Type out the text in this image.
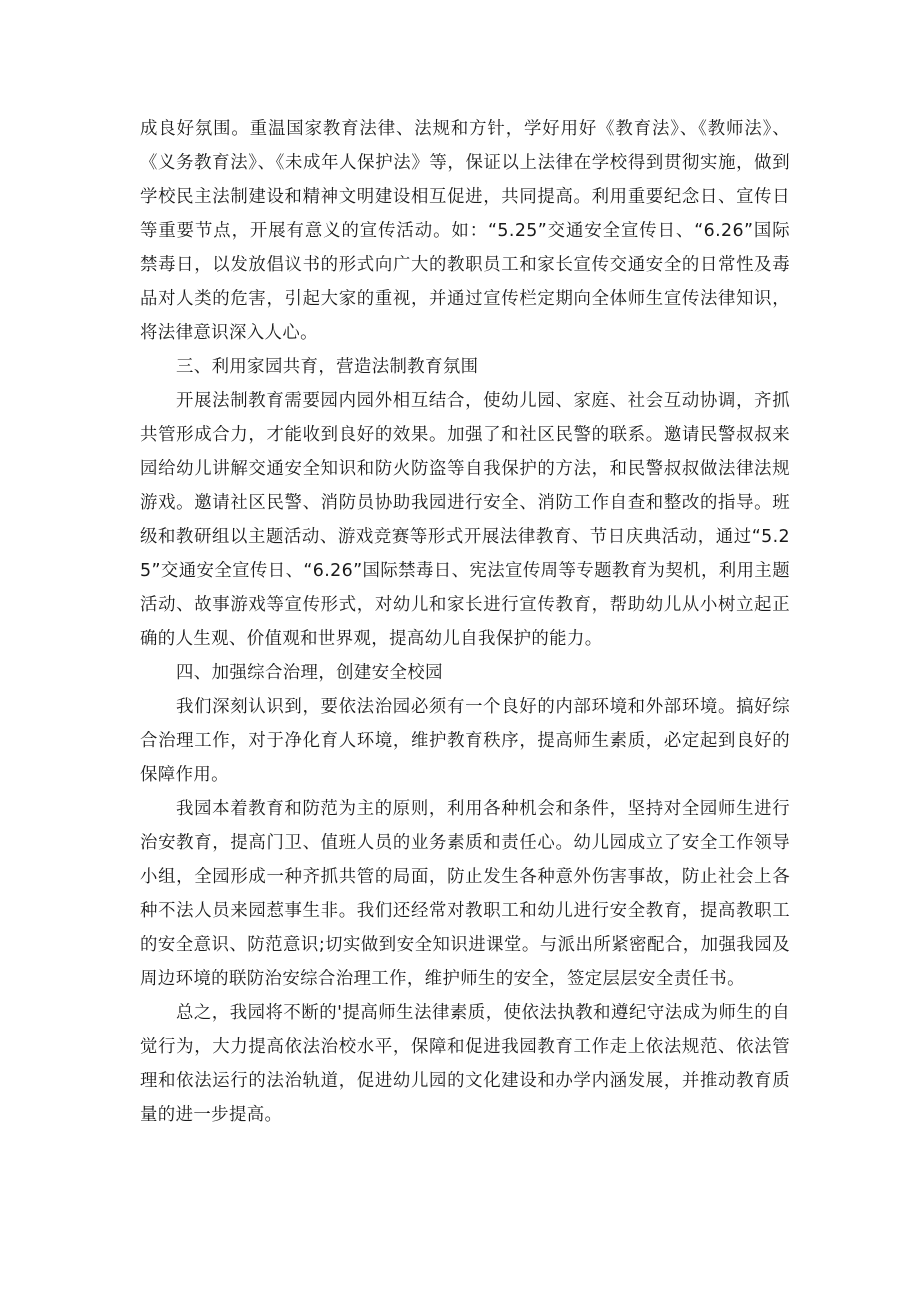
成良好氛围。重温国家教育法律、法规和方针，学好用好《教育法》、《教师法》、《义务教育法》、《未成年人保护法》等，保证以上法律在学校得到贯彻实施，做到学校民主法制建设和精神文明建设相互促进，共同提高。利用重要纪念日、宣传日等重要节点，开展有意义的宣传活动。如：“5.25”交通安全宣传日、“6.26”国际禁毒日，以发放倡议书的形式向广大的教职员工和家长宣传交通安全的日常性及毒品对人类的危害，引起大家的重视，并通过宣传栏定期向全体师生宣传法律知识，将法律意识深入人心。

三、利用家园共育，营造法制教育氛围

开展法制教育需要园内园外相互结合，使幼儿园、家庭、社会互动协调，齐抓共管形成合力，才能收到良好的效果。加强了和社区民警的联系。邀请民警叔叔来园给幼儿讲解交通安全知识和防火防盗等自我保护的方法，和民警叔叔做法律法规游戏。邀请社区民警、消防员协助我园进行安全、消防工作自查和整改的指导。班级和教研组以主题活动、游戏竞赛等形式开展法律教育、节日庆典活动，通过“5.25”交通安全宣传日、“6.26”国际禁毒日、宪法宣传周等专题教育为契机，利用主题活动、故事游戏等宣传形式，对幼儿和家长进行宣传教育，帮助幼儿从小树立起正确的人生观、价值观和世界观，提高幼儿自我保护的能力。

四、加强综合治理，创建安全校园

我们深刻认识到，要依法治园必须有一个良好的内部环境和外部环境。搞好综合治理工作，对于净化育人环境，维护教育秩序，提高师生素质，必定起到良好的保障作用。

我园本着教育和防范为主的原则，利用各种机会和条件，坚持对全园师生进行治安教育，提高门卫、值班人员的业务素质和责任心。幼儿园成立了安全工作领导小组，全园形成一种齐抓共管的局面，防止发生各种意外伤害事故，防止社会上各种不法人员来园惹事生非。我们还经常对教职工和幼儿进行安全教育，提高教职工的安全意识、防范意识;切实做到安全知识进课堂。与派出所紧密配合，加强我园及周边环境的联防治安综合治理工作，维护师生的安全，签定层层安全责任书。

总之，我园将不断的'提高师生法律素质，使依法执教和遵纪守法成为师生的自觉行为，大力提高依法治校水平，保障和促进我园教育工作走上依法规范、依法管理和依法运行的法治轨道，促进幼儿园的文化建设和办学内涵发展，并推动教育质量的进一步提高。
